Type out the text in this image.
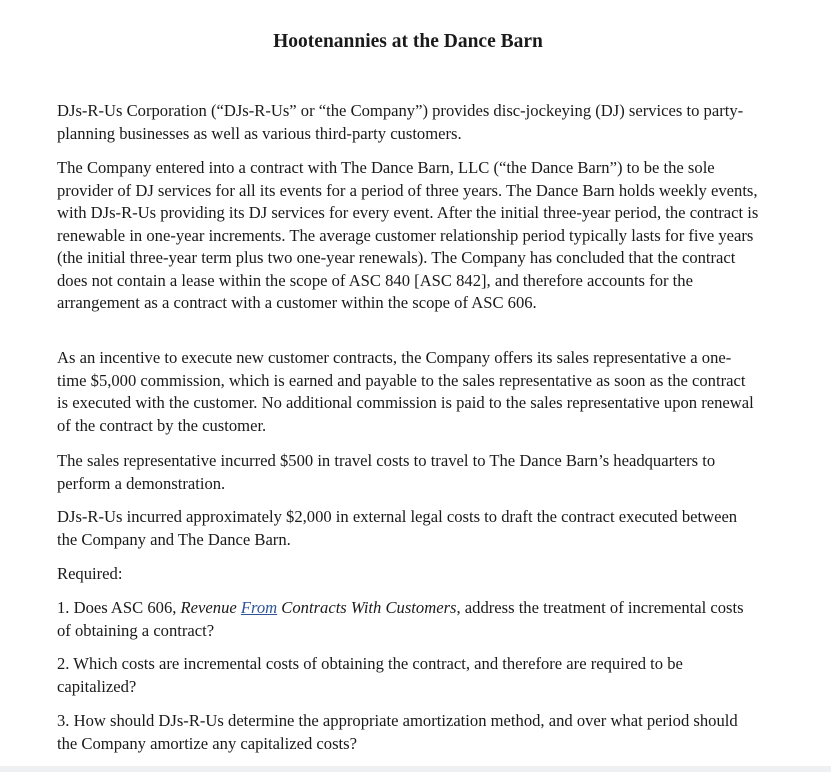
Hootenannies at the Dance Barn

DJs-R-Us Corporation (“DJs-R-Us” or “the Company”) provides disc-jockeying (DJ) services to party-planning businesses as well as various third-party customers.

The Company entered into a contract with The Dance Barn, LLC (“the Dance Barn”) to be the sole provider of DJ services for all its events for a period of three years. The Dance Barn holds weekly events, with DJs-R-Us providing its DJ services for every event. After the initial three-year period, the contract is renewable in one-year increments. The average customer relationship period typically lasts for five years (the initial three-year term plus two one-year renewals). The Company has concluded that the contract does not contain a lease within the scope of ASC 840 [ASC 842], and therefore accounts for the arrangement as a contract with a customer within the scope of ASC 606.

As an incentive to execute new customer contracts, the Company offers its sales representative a one-time $5,000 commission, which is earned and payable to the sales representative as soon as the contract is executed with the customer. No additional commission is paid to the sales representative upon renewal of the contract by the customer.

The sales representative incurred $500 in travel costs to travel to The Dance Barn’s headquarters to perform a demonstration.

DJs-R-Us incurred approximately $2,000 in external legal costs to draft the contract executed between the Company and The Dance Barn.

Required:

1. Does ASC 606, Revenue From Contracts With Customers, address the treatment of incremental costs of obtaining a contract?

2. Which costs are incremental costs of obtaining the contract, and therefore are required to be capitalized?

3. How should DJs-R-Us determine the appropriate amortization method, and over what period should the Company amortize any capitalized costs?
